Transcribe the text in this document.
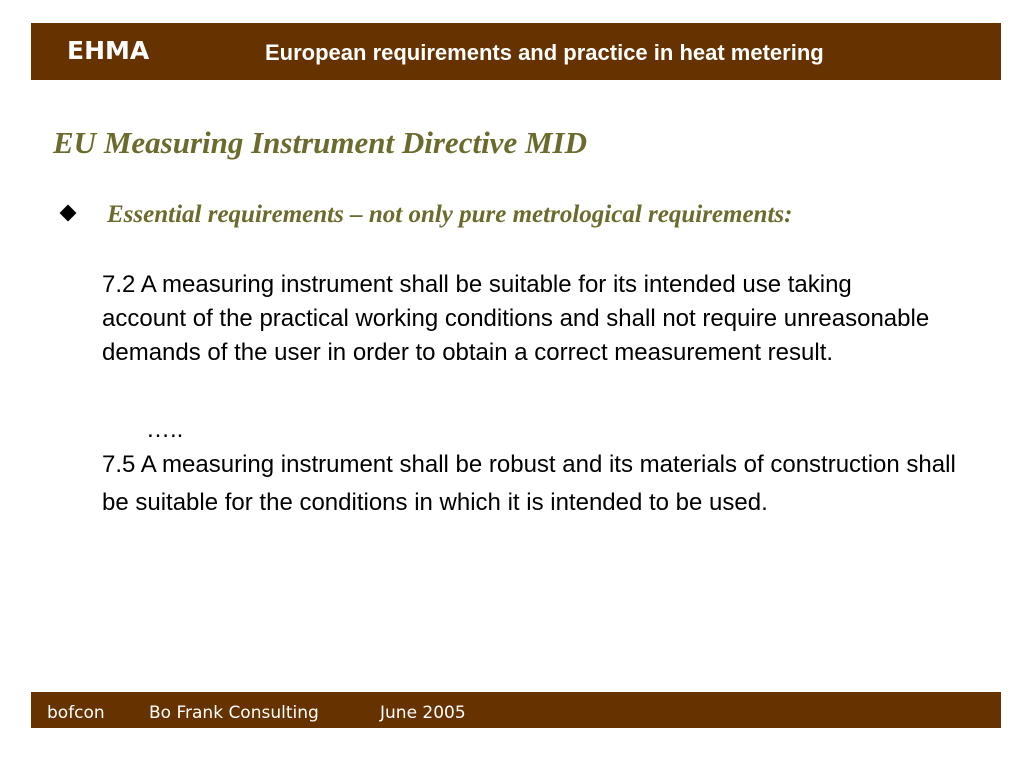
EHMA	European requirements and practice in heat metering
EU Measuring Instrument Directive MID
Essential requirements – not only pure metrological requirements:

7.2 A measuring instrument shall be suitable for its intended use taking account of the practical working conditions and shall not require unreasonable demands of the user in order to obtain a correct measurement result.

…..

7.5 A measuring instrument shall be robust and its materials of construction shall be suitable for the conditions in which it is intended to be used.

bofcon	Bo Frank Consulting	June 2005
